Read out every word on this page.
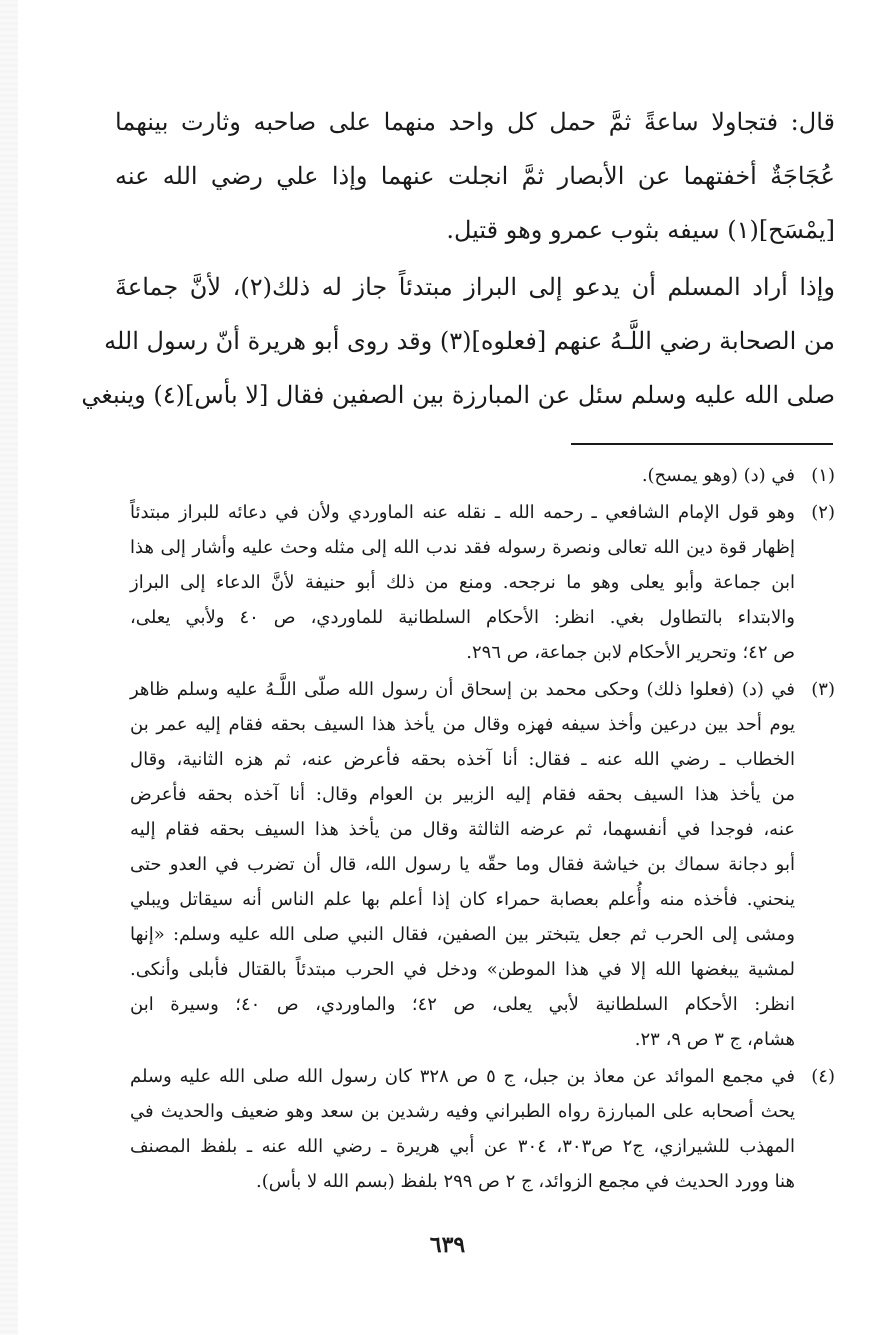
قال: فتجاولا ساعةً ثمَّ حمل كل واحد منهما على صاحبه وثارت بينهما
عُجَاجَةٌ أخفتهما عن الأبصار ثمَّ انجلت عنهما وإذا علي رضي الله عنه
[يمْسَح](١) سيفه بثوب عمرو وهو قتيل.
وإذا أراد المسلم أن يدعو إلى البراز مبتدئاً جاز له ذلك(٢)، لأنَّ جماعةَ
من الصحابة رضي اللَّـهُ عنهم [فعلوه](٣) وقد روى أبو هريرة أنّ رسول الله
صلى الله عليه وسلم سئل عن المبارزة بين الصفين فقال [لا بأس](٤) وينبغي
(١)
في (د) (وهو يمسح).
(٢)
وهو قول الإمام الشافعي ـ رحمه الله ـ نقله عنه الماوردي ولأن في دعائه للبراز مبتدئاً
إظهار قوة دين الله تعالى ونصرة رسوله فقد ندب الله إلى مثله وحث عليه وأشار إلى هذا
ابن جماعة وأبو يعلى وهو ما نرجحه. ومنع من ذلك أبو حنيفة لأنَّ الدعاء إلى البراز
والابتداء بالتطاول بغي. انظر: الأحكام السلطانية للماوردي، ص ٤٠ ولأبي يعلى،
ص ٤٢؛ وتحرير الأحكام لابن جماعة، ص ٢٩٦.
(٣)
في (د) (فعلوا ذلك) وحكى محمد بن إسحاق أن رسول الله صلّى اللَّـهُ عليه وسلم ظاهر
يوم أحد بين درعين وأخذ سيفه فهزه وقال من يأخذ هذا السيف بحقه فقام إليه عمر بن
الخطاب ـ رضي الله عنه ـ فقال: أنا آخذه بحقه فأعرض عنه، ثم هزه الثانية، وقال
من يأخذ هذا السيف بحقه فقام إليه الزبير بن العوام وقال: أنا آخذه بحقه فأعرض
عنه، فوجدا في أنفسهما، ثم عرضه الثالثة وقال من يأخذ هذا السيف بحقه فقام إليه
أبو دجانة سماك بن خياشة فقال وما حقّه يا رسول الله، قال أن تضرب في العدو حتى
ينحني. فأخذه منه وأُعلم بعصابة حمراء كان إذا أعلم بها علم الناس أنه سيقاتل ويبلي
ومشى إلى الحرب ثم جعل يتبختر بين الصفين، فقال النبي صلى الله عليه وسلم: «إنها
لمشية يبغضها الله إلا في هذا الموطن» ودخل في الحرب مبتدئاً بالقتال فأبلى وأنكى.
انظر: الأحكام السلطانية لأبي يعلى، ص ٤٢؛ والماوردي، ص ٤٠؛ وسيرة ابن
هشام، ج ٣ ص ٩، ٢٣.
(٤)
في مجمع الموائد عن معاذ بن جبل، ج ٥ ص ٣٢٨ كان رسول الله صلى الله عليه وسلم
يحث أصحابه على المبارزة رواه الطبراني وفيه رشدين بن سعد وهو ضعيف والحديث في
المهذب للشيرازي، ج٢ ص٣٠٣، ٣٠٤ عن أبي هريرة ـ رضي الله عنه ـ بلفظ المصنف
هنا وورد الحديث في مجمع الزوائد، ج ٢ ص ٢٩٩ بلفظ (بسم الله لا بأس).
٦٣٩
